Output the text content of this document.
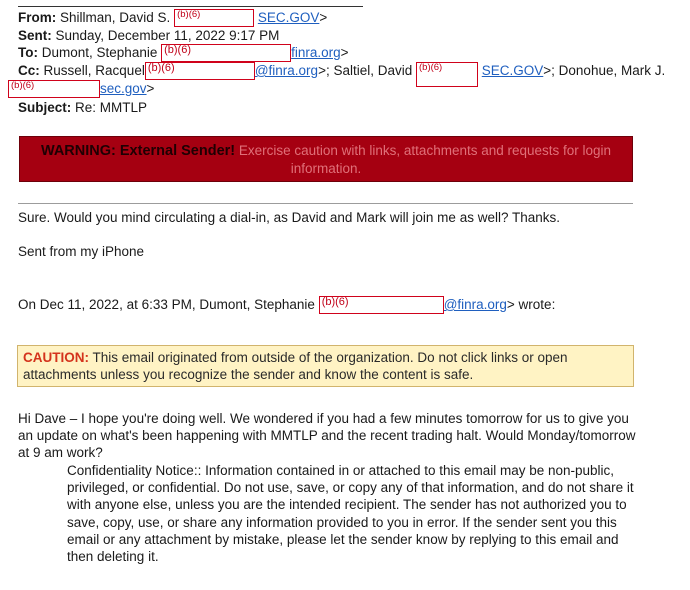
From: Shillman, David S. (b)(6)	SEC.GOV>
Sent: Sunday, December 11, 2022 9:17 PM
To: Dumont, Stephanie (b)(6)	finra.org>
Cc: Russell, Racquel (b)(6)	@finra.org>; Saltiel, David (b)(6)	SEC.GOV>; Donohue, Mark J.
(b)(6)	sec.gov>
Subject: Re: MMTLP
WARNING: External Sender! Exercise caution with links, attachments and requests for login information.
Sure. Would you mind circulating a dial-in, as David and Mark will join me as well? Thanks.
Sent from my iPhone
On Dec 11, 2022, at 6:33 PM, Dumont, Stephanie (b)(6)	@finra.org> wrote:
CAUTION: This email originated from outside of the organization. Do not click links or open attachments unless you recognize the sender and know the content is safe.
Hi Dave – I hope you're doing well. We wondered if you had a few minutes tomorrow for us to give you an update on what's been happening with MMTLP and the recent trading halt. Would Monday/tomorrow at 9 am work?
Confidentiality Notice:: Information contained in or attached to this email may be non-public, privileged, or confidential. Do not use, save, or copy any of that information, and do not share it with anyone else, unless you are the intended recipient. The sender has not authorized you to save, copy, use, or share any information provided to you in error. If the sender sent you this email or any attachment by mistake, please let the sender know by replying to this email and then deleting it.
